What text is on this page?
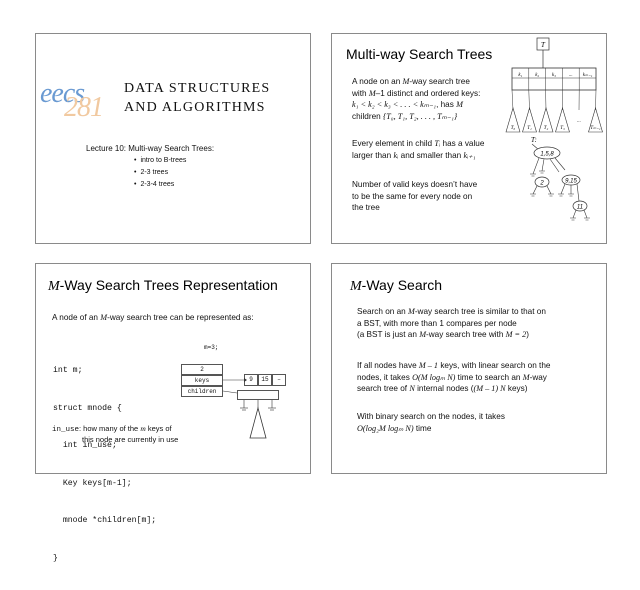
eecs
281
DATA STRUCTURES
AND ALGORITHMS
Lecture 10: Multi-way Search Trees:
• intro to B-trees
• 2-3 trees
• 2-3-4 trees
Multi-way Search Trees
A node on an M-way search tree
with M–1 distinct and ordered keys:
k₁ < k₂ < k₃ < . . . < kₘ₋₁, has M
children {T₀, T₁, T₂, . . . , Tₘ₋₁}
Every element in child Tᵢ has a value
larger than kᵢ and smaller than kᵢ₊₁
Number of valid keys doesn’t have
to be the same for every node on
the tree
T
k₁	k₂	k₃	... kₘ₋₁
T₀ T₁ T₂ T₃
...
Tₘ₋₁
T:
1,5,8
2	9,15
11
M-Way Search Trees Representation
A node of an M-way search tree can be represented as:

int m;

struct mnode {

int in_use;

Key keys[m-1];

mnode *children[m];

}

m=3;
2
keys
children
9	15	–
in_use: how many of the m keys of
this node are currently in use
M-Way Search
Search on an M-way search tree is similar to that on
a BST, with more than 1 compares per node
(a BST is just an M-way search tree with M = 2)
If all nodes have M – 1 keys, with linear search on the
nodes, it takes O(M logₘ N) time to search an M-way
search tree of N internal nodes ((M – 1) N keys)
With binary search on the nodes, it takes
O(log₂M logₘ N) time
